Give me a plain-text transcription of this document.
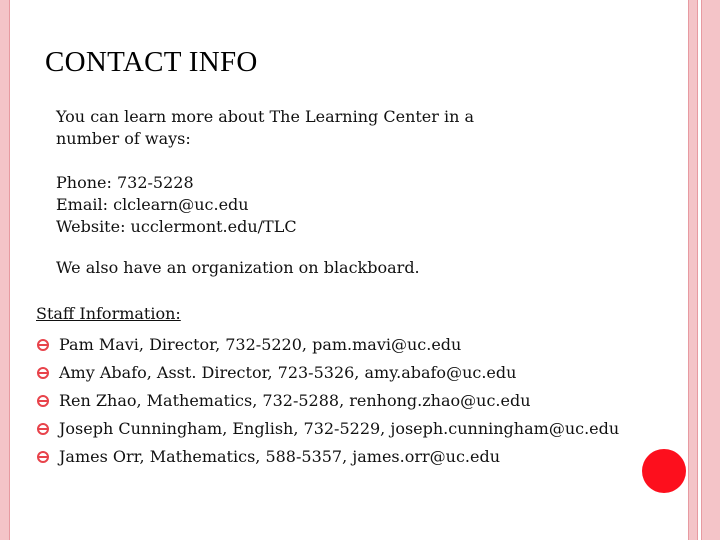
CONTACT INFO

You can learn more about The Learning Center in a number of ways:

Phone: 732-5228
Email: clclearn@uc.edu
Website: ucclermont.edu/TLC

We also have an organization on blackboard.

Staff Information:

Pam Mavi, Director, 732-5220, pam.mavi@uc.edu
Amy Abafo, Asst. Director, 723-5326, amy.abafo@uc.edu
Ren Zhao, Mathematics, 732-5288, renhong.zhao@uc.edu
Joseph Cunningham, English, 732-5229, joseph.cunningham@uc.edu
James Orr, Mathematics, 588-5357, james.orr@uc.edu
